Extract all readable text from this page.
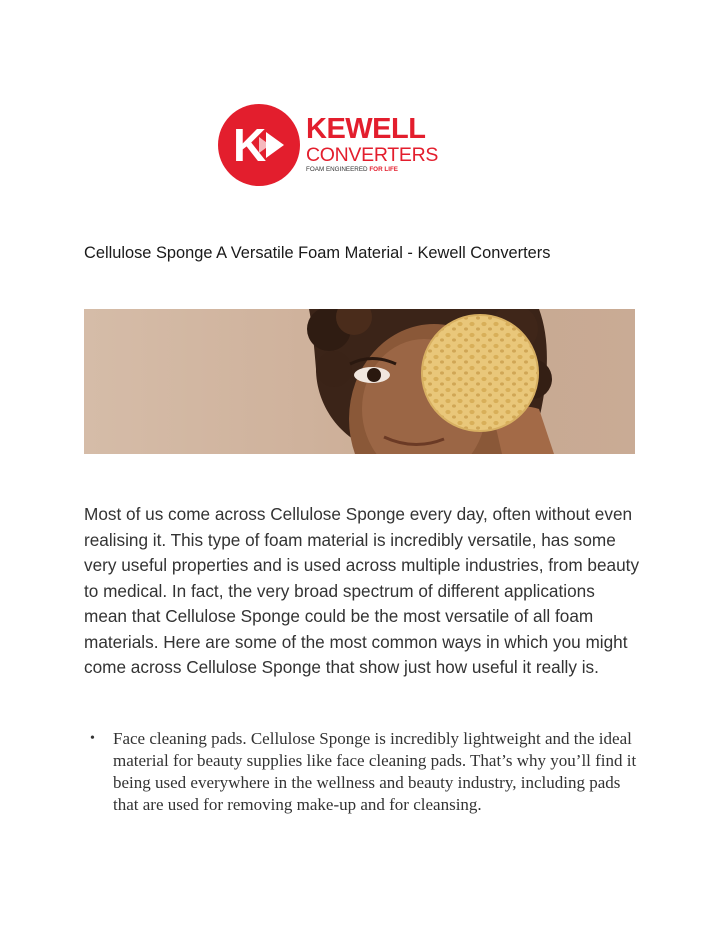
K KEWELL
CONVERTERS
FOAM ENGINEERED FOR LIFE
Cellulose Sponge A Versatile Foam Material - Kewell Converters
Most of us come across Cellulose Sponge every day, often without even realising it. This type of foam material is incredibly versatile, has some very useful properties and is used across multiple industries, from beauty to medical. In fact, the very broad spectrum of different applications mean that Cellulose Sponge could be the most versatile of all foam materials. Here are some of the most common ways in which you might come across Cellulose Sponge that show just how useful it really is.
• Face cleaning pads. Cellulose Sponge is incredibly lightweight and the ideal material for beauty supplies like face cleaning pads. That’s why you’ll find it being used everywhere in the wellness and beauty industry, including pads that are used for removing make-up and for cleansing.
